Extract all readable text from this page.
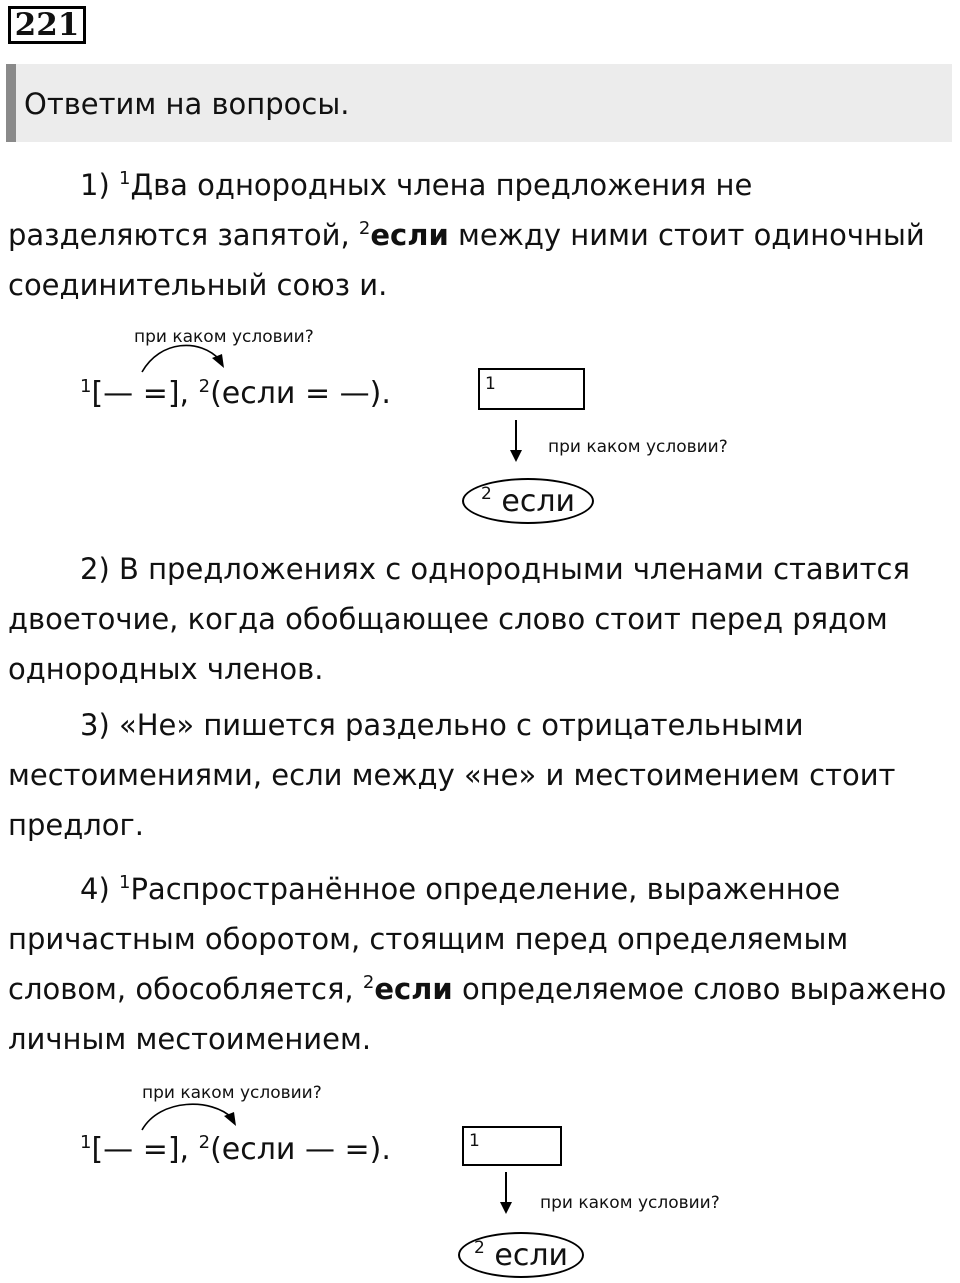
221
Ответим на вопросы.

1) $^1$Два однородных члена предложения не разделяются запятой, $^2$если между ними стоит одиночный соединительный союз и.

при каком условии?
$^1$[— =], $^2$(если = —).	1
при каком условии?
$^2$ если

2) В предложениях с однородными членами ставится двоеточие, когда обобщающее слово стоит перед рядом однородных членов.

3) «Не» пишется раздельно с отрицательными местоимениями, если между «не» и местоимением стоит предлог.

4) $^1$Распространённое определение, выраженное причастным оборотом, стоящим перед определяемым словом, обособляется, $^2$если определяемое слово выражено личным местоимением.

при каком условии?
$^1$[— =], $^2$(если — =).	1
при каком условии?
$^2$ если
